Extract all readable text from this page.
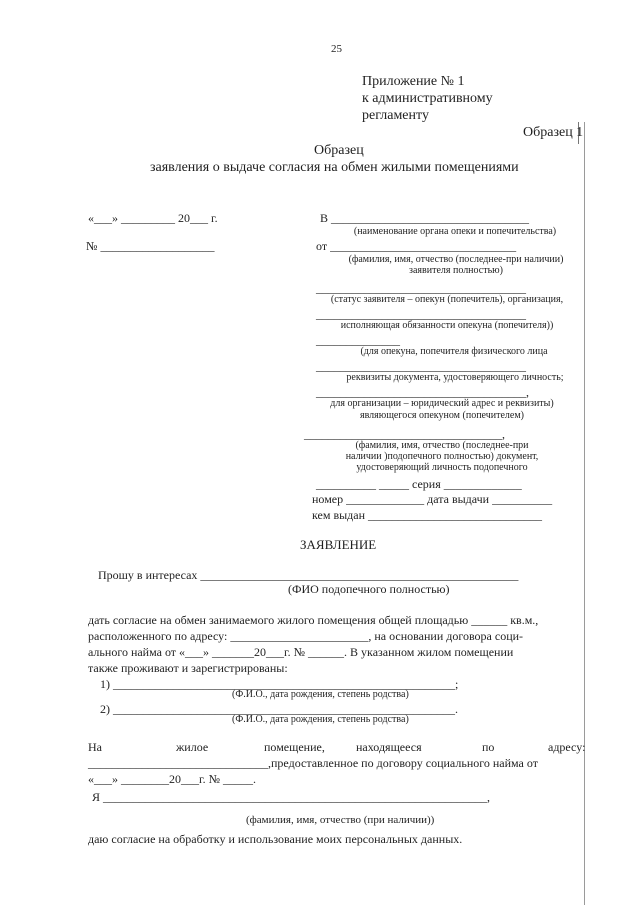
25
Приложение № 1
к административному
регламенту
Образец 1
Образец
заявления о выдаче согласия на обмен жилыми помещениями
«___» _________ 20___ г.
№ ___________________
В _________________________________
(наименование органа опеки и попечительства)
от _______________________________
(фамилия, имя, отчество (последнее-при наличии)
заявителя полностью)
___________________________________
(статус заявителя – опекун (попечитель), организация,
___________________________________
исполняющая обязанности опекуна (попечителя))
______________
(для опекуна, попечителя физического лица
___________________________________
реквизиты документа, удостоверяющего личность;
___________________________________,
для организации – юридический адрес и реквизиты)
являющегося опекуном (попечителем)
_________________________________,
(фамилия, имя, отчество (последнее-при
наличии )подопечного полностью) документ,
удостоверяющий личность подопечного
__________ _____ серия _____________
номер _____________ дата выдачи __________
кем выдан _____________________________
ЗАЯВЛЕНИЕ
Прошу в интересах _____________________________________________________
(ФИО подопечного полностью)
дать согласие на обмен занимаемого жилого помещения общей площадью ______ кв.м.,
расположенного по адресу: _______________________, на основании договора соци-
ального найма от «___» _______20___г. № ______. В указанном жилом помещении
также проживают и зарегистрированы:
1) _________________________________________________________;
(Ф.И.О., дата рождения, степень родства)
2) _________________________________________________________.
(Ф.И.О., дата рождения, степень родства)
На	жилое	помещение,	находящееся	по	адресу:
______________________________,предоставленное по договору социального найма от
«___» ________20___г. № _____.
Я ________________________________________________________________,
(фамилия, имя, отчество (при наличии))
даю согласие на обработку и использование моих персональных данных.
